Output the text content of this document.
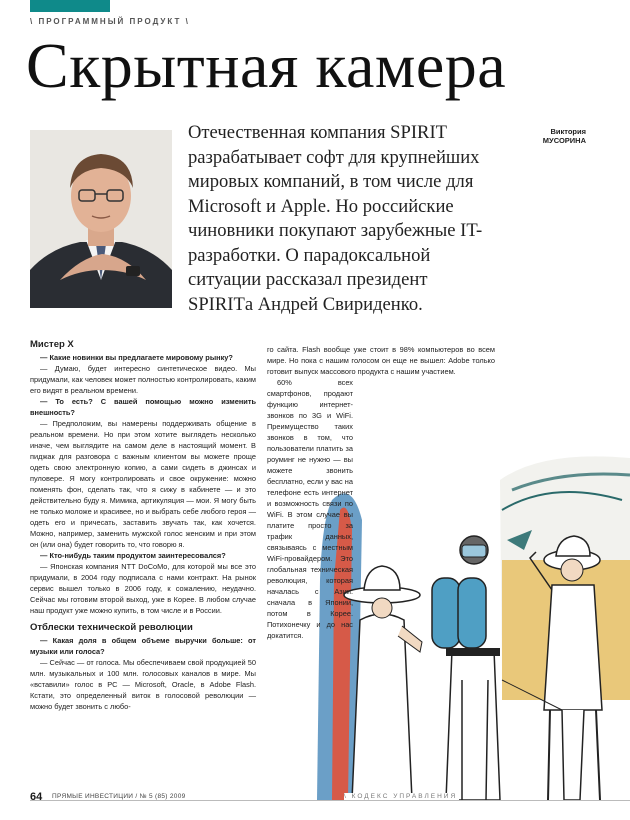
\ ПРОГРАММНЫЙ ПРОДУКТ \
Скрытная камера
Виктория
МУСОРИНА
Отечественная компания SPIRIT разрабатывает софт для крупнейших мировых компаний, в том числе для Microsoft и Apple. Но российские чиновники покупают зарубежные IT-разработки. О парадоксальной ситуации рассказал президент SPIRITа Андрей Свириденко.
Мистер Х

— Какие новинки вы предлагаете мировому рынку?

— Думаю, будет интересно синтетическое видео. Мы придумали, как человек может полностью контролировать, каким его видят в реальном времени.

— То есть? С вашей помощью можно изменить внешность?

— Предположим, вы намерены поддерживать общение в реальном времени. Но при этом хотите выглядеть несколько иначе, чем выглядите на самом деле в настоящий момент. В пиджак для разговора с важным клиентом вы можете проще одеть свою электронную копию, а сами сидеть в джинсах и пуловере. Я могу контролировать и свое окружение: можно поменять фон, сделать так, что я сижу в кабинете — и это действительно буду я. Мимика, артикуляция — мои. Я могу быть не только моложе и красивее, но и выбрать себе любого героя — одеть его и причесать, заставить звучать так, как хочется. Можно, например, заменить мужской голос женским и при этом он (или она) будет говорить то, что говорю я.

— Кто-нибудь таким продуктом заинтересовался?

— Японская компания NTT DoCoMo, для которой мы все это придумали, в 2004 году подписала с нами контракт. На рынок сервис вышел только в 2006 году, к сожалению, неудачно. Сейчас мы готовим второй выход, уже в Корее. В любом случае наш продукт уже можно купить, в том числе и в России.

Отблески технической революции

— Какая доля в общем объеме выручки больше: от музыки или голоса?

— Сейчас — от голоса. Мы обеспечиваем свой продукцией 50 млн. музыкальных и 100 млн. голосовых каналов в мире. Мы «вставили» голос в PC — Microsoft, Oracle, в Adobe Flash. Кстати, это определенный виток в голосовой революции — можно будет звонить с любо-

го сайта. Flash вообще уже стоит в 98% компьютеров во всем мире. Но пока с нашим голосом он еще не вышел: Adobe только готовит выпуск массового продукта с нашим участием.

60% всех смартфонов, продают функцию интернет-звонков по 3G и WiFi. Преимущество таких звонков в том, что пользователи платить за роуминг не нужно — вы можете звонить бесплатно, если у вас на телефоне есть интернет и возможность связи по WiFi. В этом случае вы платите просто за трафик данных, связываясь с местным WiFi-провайдером. Это глобальная техническая революция, которая началась с Азии: сначала в Японии, потом в Корее. Потихонечку и до нас докатится.

64 ПРЯМЫЕ ИНВЕСТИЦИИ / № 5 (85) 2009	\ КОДЕКС УПРАВЛЕНИЯ
